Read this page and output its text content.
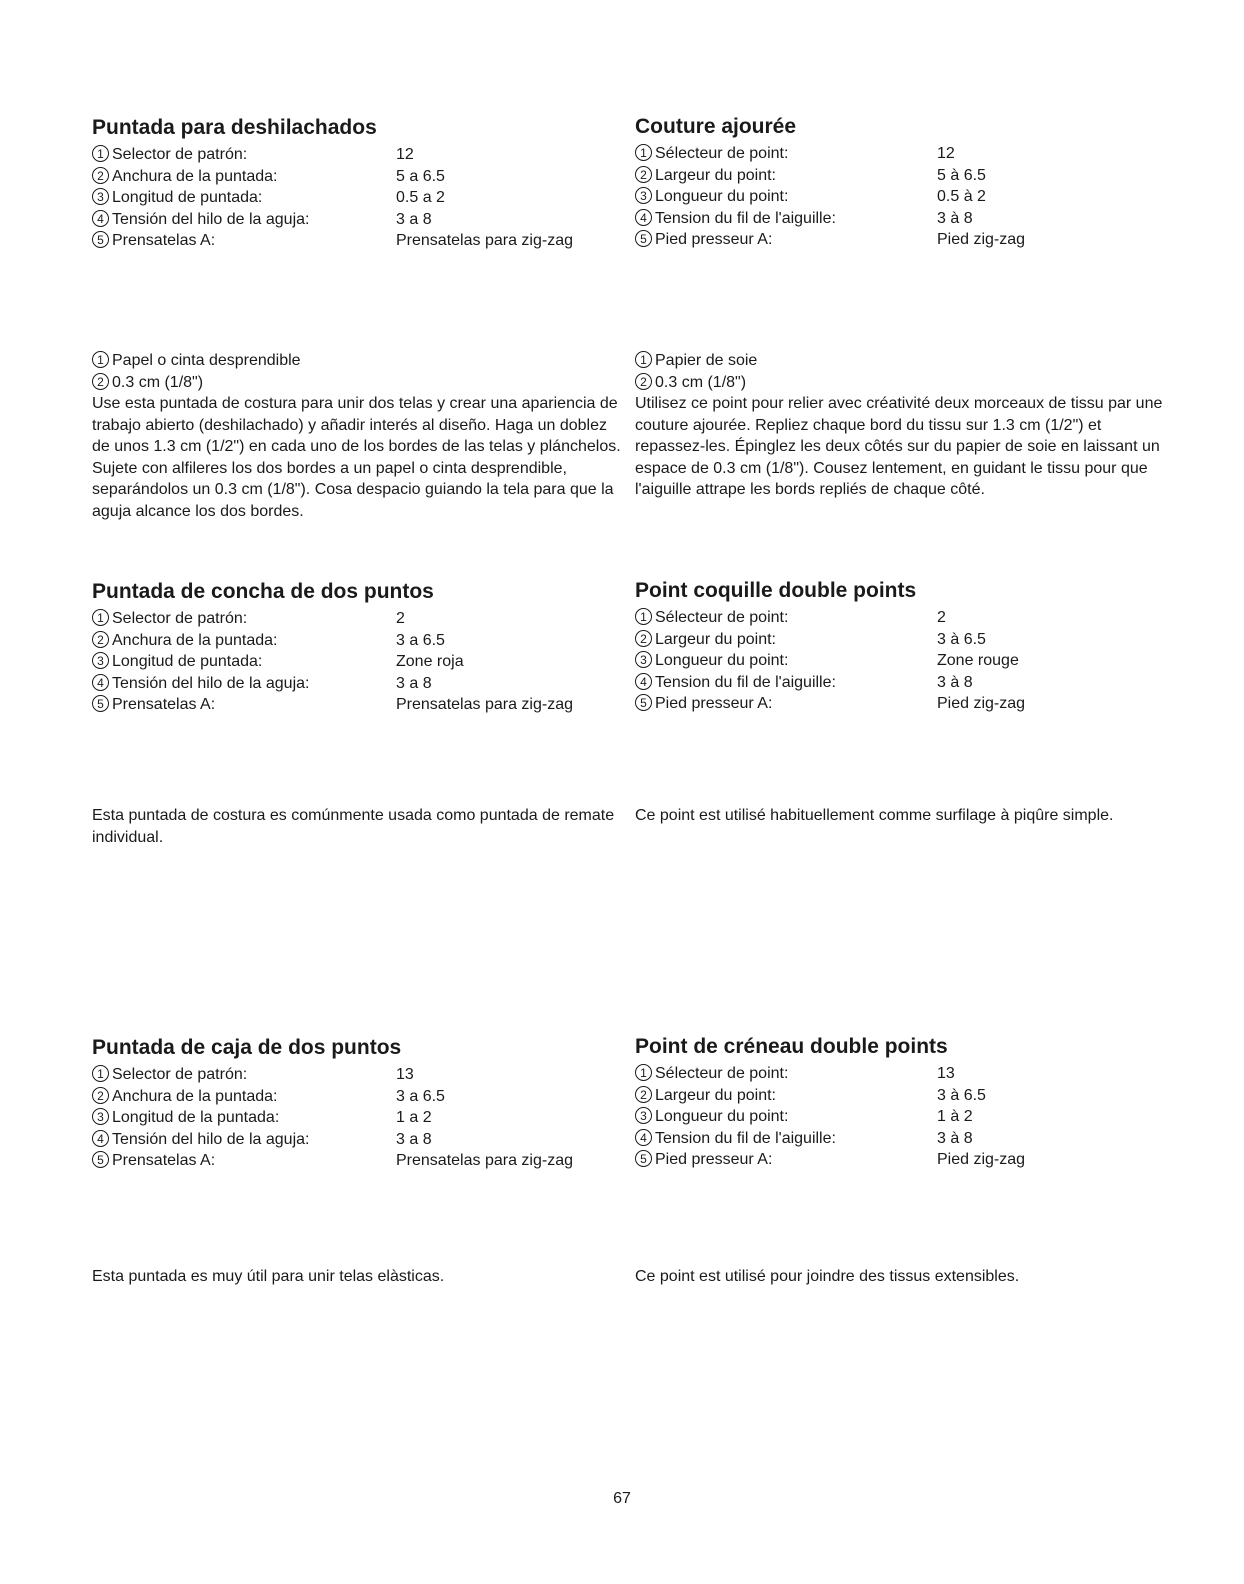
Puntada para deshilachados
1 Selector de patrón:	12
2 Anchura de la puntada:	5 a 6.5
3 Longitud de puntada:	0.5 a 2
4 Tensión del hilo de la aguja:	3 a 8
5 Prensatelas A:	Prensatelas para zig-zag
Couture ajourée
1 Sélecteur de point:	12
2 Largeur du point:	5 à 6.5
3 Longueur du point:	0.5 à 2
4 Tension du fil de l'aiguille:	3 à 8
5 Pied presseur A:	Pied zig-zag
1 Papel o cinta desprendible
2 0.3 cm (1/8")

Use esta puntada de costura para unir dos telas y crear una apariencia de trabajo abierto (deshilachado) y añadir interés al diseño. Haga un doblez de unos 1.3 cm (1/2") en cada uno de los bordes de las telas y plánchelos. Sujete con alfileres los dos bordes a un papel o cinta desprendible, separándolos un 0.3 cm (1/8"). Cosa despacio guiando la tela para que la aguja alcance los dos bordes.

1 Papier de soie
2 0.3 cm (1/8")

Utilisez ce point pour relier avec créativité deux morceaux de tissu par une couture ajourée. Repliez chaque bord du tissu sur 1.3 cm (1/2") et repassez-les. Épinglez les deux côtés sur du papier de soie en laissant un espace de 0.3 cm (1/8"). Cousez lentement, en guidant le tissu pour que l'aiguille attrape les bords repliés de chaque côté.

Puntada de concha de dos puntos
1 Selector de patrón:	2
2 Anchura de la puntada:	3 a 6.5
3 Longitud de puntada:	Zone roja
4 Tensión del hilo de la aguja:	3 a 8
5 Prensatelas A:	Prensatelas para zig-zag
Point coquille double points
1 Sélecteur de point:	2
2 Largeur du point:	3 à 6.5
3 Longueur du point:	Zone rouge
4 Tension du fil de l'aiguille:	3 à 8
5 Pied presseur A:	Pied zig-zag

Esta puntada de costura es comúnmente usada como puntada de remate individual.

Ce point est utilisé habituellement comme surfilage à piqûre simple.

Puntada de caja de dos puntos
1 Selector de patrón:	13
2 Anchura de la puntada:	3 a 6.5
3 Longitud de la puntada:	1 a 2
4 Tensión del hilo de la aguja:	3 a 8
5 Prensatelas A:	Prensatelas para zig-zag
Point de créneau double points
1 Sélecteur de point:	13
2 Largeur du point:	3 à 6.5
3 Longueur du point:	1 à 2
4 Tension du fil de l'aiguille:	3 à 8
5 Pied presseur A:	Pied zig-zag

Esta puntada es muy útil para unir telas elàsticas.	Ce point est utilisé pour joindre des tissus extensibles.

67
